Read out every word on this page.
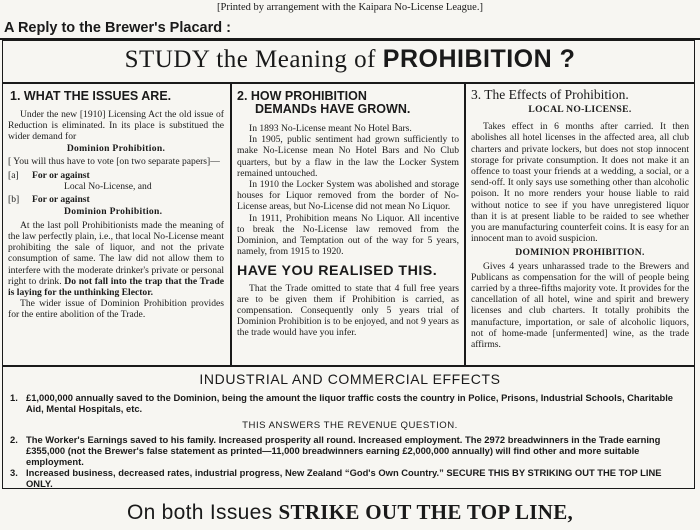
[Printed by arrangement with the Kaipara No-License League.]
A Reply to the Brewer's Placard :
STUDY the Meaning of PROHIBITION ?
1. WHAT THE ISSUES ARE.

Under the new [1910] Licensing Act the old issue of Reduction is eliminated. In its place is substitued the wider demand for

Dominion Prohibition.

[ You will thus have to vote [on two separate papers]—

[a] For or against

Local No-License, and

[b] For or against

Dominion Prohibition.

At the last poll Prohibitionists made the meaning of the law perfectly plain, i.e., that local No-License meant prohibiting the sale of liquor, and not the private consumption of same. The law did not allow them to interfere with the moderate drinker's private or personal right to drink. Do not fall into the trap that the Trade is laying for the unthinking Elector.

The wider issue of Dominion Prohibition provides for the entire abolition of the Trade.

2. HOW PROHIBITION
DEMANDs HAVE GROWN.

In 1893 No-License meant No Hotel Bars.

In 1905, public sentiment had grown sufficiently to make No-License mean No Hotel Bars and No Club quarters, but by a flaw in the law the Locker System remained untouched.

In 1910 the Locker System was abolished and storage houses for Liquor removed from the border of No-License areas, but No-License did not mean No Liquor.

In 1911, Prohibition means No Liquor. All incentive to break the No-License law removed from the Dominion, and Temptation out of the way for 5 years, namely, from 1915 to 1920.

HAVE YOU REALISED THIS.

That the Trade omitted to state that 4 full free years are to be given them if Prohibition is carried, as compensation. Consequently only 5 years trial of Dominion Prohibition is to be enjoyed, and not 9 years as the trade would have you infer.

3. The Effects of Prohibition.

LOCAL NO-LICENSE.

Takes effect in 6 months after carried. It then abolishes all hotel licenses in the affected area, all club charters and private lockers, but does not stop innocent storage for private consumption. It does not make it an offence to toast your friends at a wedding, a social, or a send-off. It only says use something other than alcoholic poison. It no more renders your house liable to raid without notice to see if you have unregistered liquor than it is at present liable to be raided to see whether you are manufacturing counterfeit coins. It is easy for an innocent man to avoid suspicion.

DOMINION PROHIBITION.

Gives 4 years unharassed trade to the Brewers and Publicans as compensation for the will of people being carried by a three-fifths majority vote. It provides for the cancellation of all hotel, wine and spirit and brewery licenses and club charters. It totally prohibits the manufacture, importation, or sale of alcoholic liquors, not of home-made [unfermented] wine, as the trade affirms.

INDUSTRIAL AND COMMERCIAL EFFECTS
1. £1,000,000 annually saved to the Dominion, being the amount the liquor traffic costs the country in Police, Prisons, Industrial Schools, Charitable Aid, Mental Hospitals, etc.
THIS ANSWERS THE REVENUE QUESTION.
2. The Worker's Earnings saved to his family. Increased prosperity all round. Increased employment. The 2972 breadwinners in the Trade earning £355,000 (not the Brewer's false statement as printed—11,000 breadwinners earning £2,000,000 annually) will find other and more suitable employment.
3. Increased business, decreased rates, industrial progress, New Zealand “God's Own Country.” SECURE THIS BY STRIKING OUT THE TOP LINE ONLY.
On both Issues STRIKE OUT THE TOP LINE,
